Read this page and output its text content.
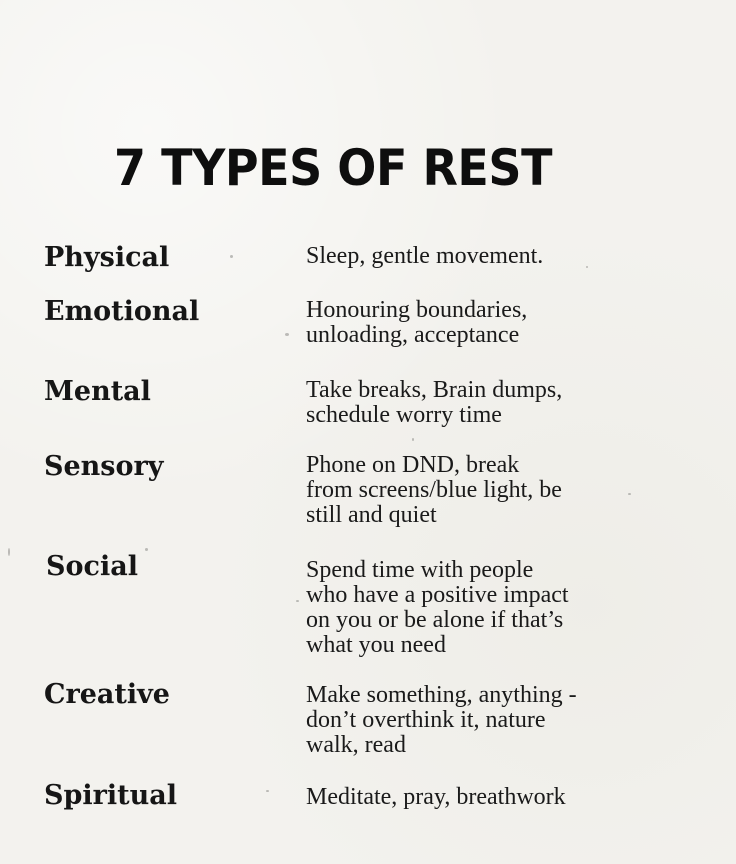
7 TYPES OF REST
Physical	Sleep, gentle movement.
Emotional	Honouring boundaries,
unloading, acceptance
Mental	Take breaks, Brain dumps,
schedule worry time
Sensory	Phone on DND, break
from screens/blue light, be
still and quiet
Social	Spend time with people
who have a positive impact
on you or be alone if that’s
what you need
Creative	Make something, anything -
don’t overthink it, nature
walk, read
Spiritual	Meditate, pray, breathwork
